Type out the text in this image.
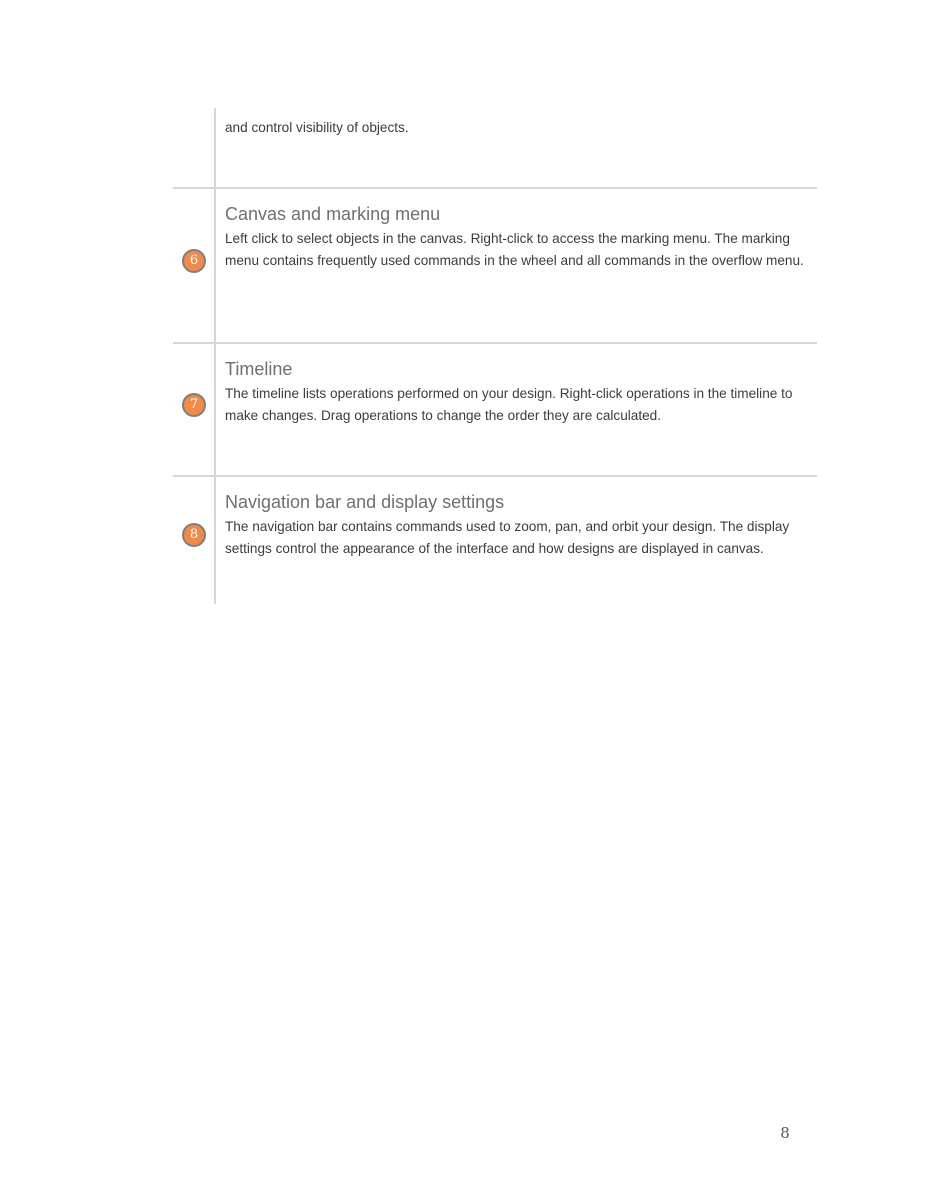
and control visibility of objects.

6
Canvas and marking menu

Left click to select objects in the canvas. Right-click to access the marking menu. The marking menu contains frequently used commands in the wheel and all commands in the overflow menu.

7
Timeline

The timeline lists operations performed on your design. Right-click operations in the timeline to make changes. Drag operations to change the order they are calculated.

8
Navigation bar and display settings

The navigation bar contains commands used to zoom, pan, and orbit your design. The display settings control the appearance of the interface and how designs are displayed in canvas.

8
